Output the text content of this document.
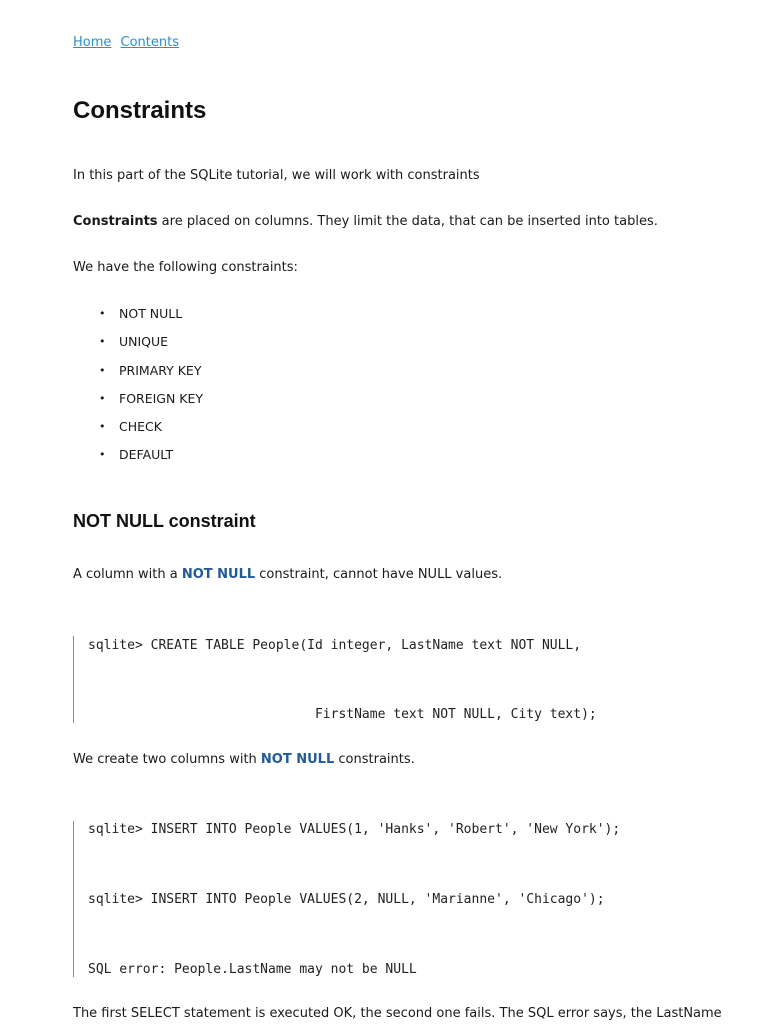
Home Contents
Constraints

In this part of the SQLite tutorial, we will work with constraints

Constraints are placed on columns. They limit the data, that can be inserted into tables.

We have the following constraints:

• NOT NULL
• UNIQUE
• PRIMARY KEY
• FOREIGN KEY
• CHECK
• DEFAULT
NOT NULL constraint

A column with a NOT NULL constraint, cannot have NULL values.

sqlite> CREATE TABLE People(Id integer, LastName text NOT NULL,
FirstName text NOT NULL, City text);

We create two columns with NOT NULL constraints.

sqlite> INSERT INTO People VALUES(1, 'Hanks', 'Robert', 'New York');
sqlite> INSERT INTO People VALUES(2, NULL, 'Marianne', 'Chicago');
SQL error: People.LastName may not be NULL

The first SELECT statement is executed OK, the second one fails. The SQL error says, the LastName
